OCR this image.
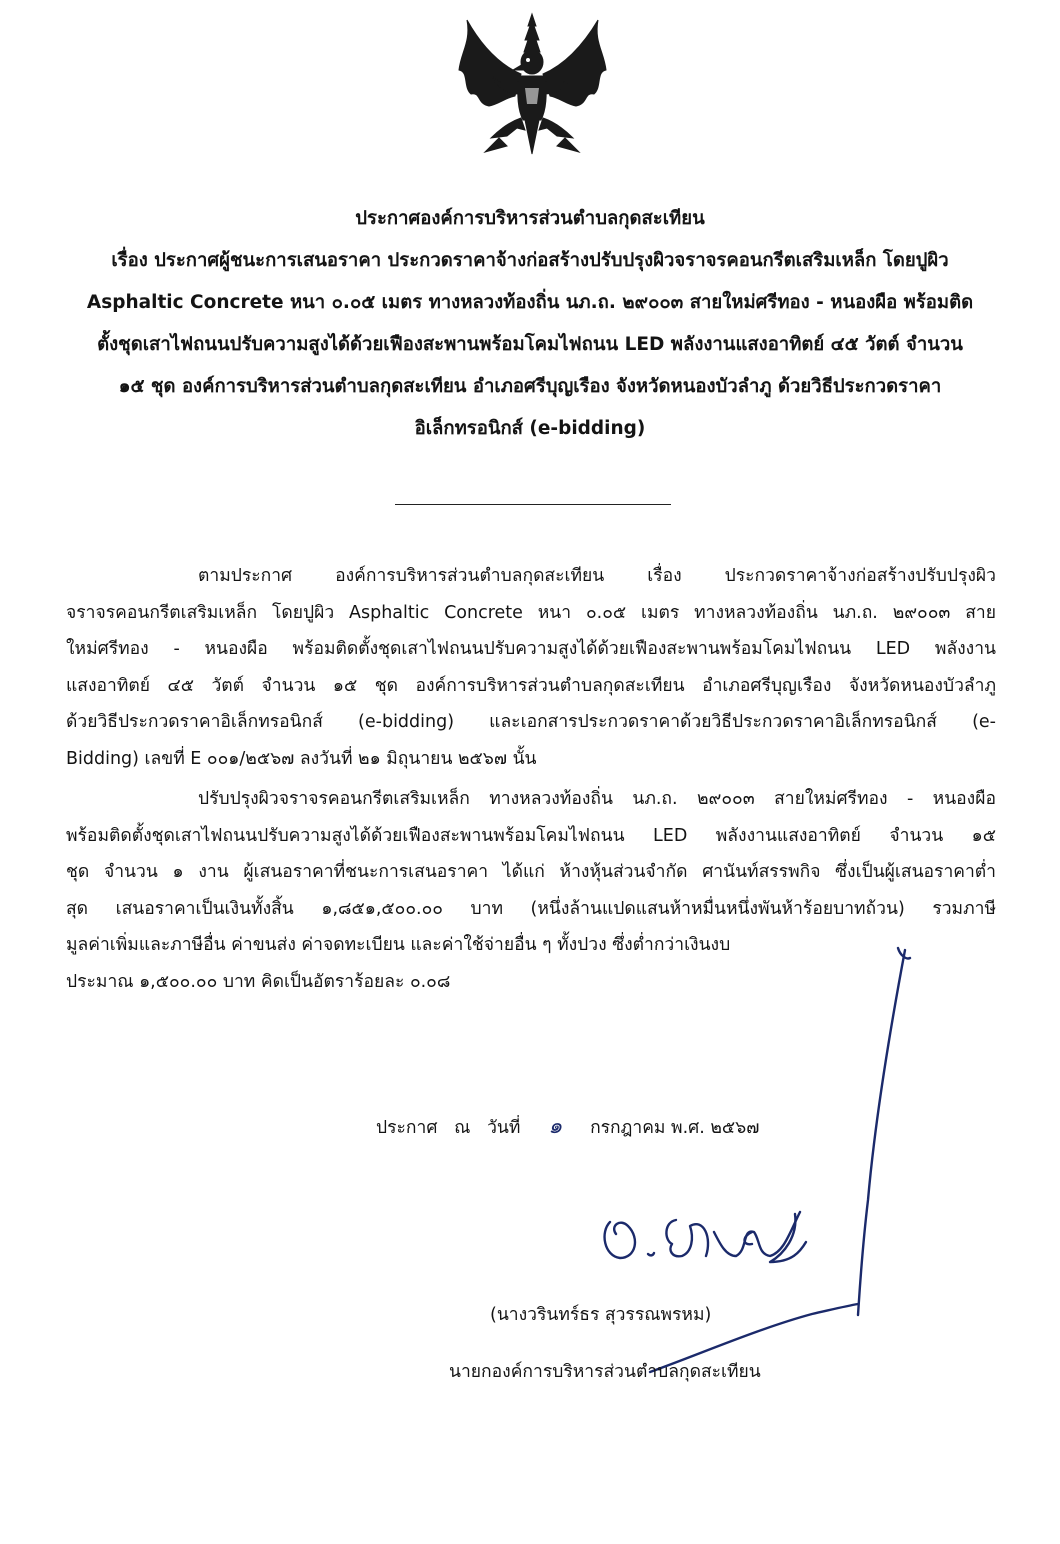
ประกาศองค์การบริหารส่วนตำบลกุดสะเทียน
เรื่อง ประกาศผู้ชนะการเสนอราคา ประกวดราคาจ้างก่อสร้างปรับปรุงผิวจราจรคอนกรีตเสริมเหล็ก โดยปูผิว
Asphaltic Concrete หนา ๐.๐๕ เมตร ทางหลวงท้องถิ่น นภ.ถ. ๒๙๐๐๓ สายใหม่ศรีทอง - หนองผือ พร้อมติด
ตั้งชุดเสาไฟถนนปรับความสูงได้ด้วยเฟืองสะพานพร้อมโคมไฟถนน LED พลังงานแสงอาทิตย์ ๔๕ วัตต์ จำนวน
๑๕ ชุด องค์การบริหารส่วนตำบลกุดสะเทียน อำเภอศรีบุญเรือง จังหวัดหนองบัวลำภู ด้วยวิธีประกวดราคา
อิเล็กทรอนิกส์ (e-bidding)
ตามประกาศ องค์การบริหารส่วนตำบลกุดสะเทียน เรื่อง ประกวดราคาจ้างก่อสร้างปรับปรุงผิว
จราจรคอนกรีตเสริมเหล็ก โดยปูผิว Asphaltic Concrete หนา ๐.๐๕ เมตร ทางหลวงท้องถิ่น นภ.ถ. ๒๙๐๐๓ สาย
ใหม่ศรีทอง - หนองผือ พร้อมติดตั้งชุดเสาไฟถนนปรับความสูงได้ด้วยเฟืองสะพานพร้อมโคมไฟถนน LED พลังงาน
แสงอาทิตย์ ๔๕ วัตต์ จำนวน ๑๕ ชุด องค์การบริหารส่วนตำบลกุดสะเทียน อำเภอศรีบุญเรือง จังหวัดหนองบัวลำภู
ด้วยวิธีประกวดราคาอิเล็กทรอนิกส์ (e-bidding) และเอกสารประกวดราคาด้วยวิธีประกวดราคาอิเล็กทรอนิกส์ (e-
Bidding) เลขที่ E ๐๐๑/๒๕๖๗ ลงวันที่ ๒๑ มิถุนายน ๒๕๖๗ นั้น
ปรับปรุงผิวจราจรคอนกรีตเสริมเหล็ก ทางหลวงท้องถิ่น นภ.ถ. ๒๙๐๐๓ สายใหม่ศรีทอง - หนองผือ
พร้อมติดตั้งชุดเสาไฟถนนปรับความสูงได้ด้วยเฟืองสะพานพร้อมโคมไฟถนน LED พลังงานแสงอาทิตย์ จำนวน ๑๕
ชุด จำนวน ๑ งาน ผู้เสนอราคาที่ชนะการเสนอราคา ได้แก่ ห้างหุ้นส่วนจำกัด ศานันท์สรรพกิจ ซึ่งเป็นผู้เสนอราคาต่ำ
สุด เสนอราคาเป็นเงินทั้งสิ้น ๑,๘๕๑,๕๐๐.๐๐ บาท (หนึ่งล้านแปดแสนห้าหมื่นหนึ่งพันห้าร้อยบาทถ้วน) รวมภาษี
มูลค่าเพิ่มและภาษีอื่น ค่าขนส่ง ค่าจดทะเบียน และค่าใช้จ่ายอื่น ๆ ทั้งปวง ซึ่งต่ำกว่าเงินงบ
ประมาณ ๑,๕๐๐.๐๐ บาท คิดเป็นอัตราร้อยละ ๐.๐๘
ประกาศ ณ วันที่ ๑ กรกฎาคม พ.ศ. ๒๕๖๗
(นางวรินทร์ธร สุวรรณพรหม)
นายกองค์การบริหารส่วนตำบลกุดสะเทียน
